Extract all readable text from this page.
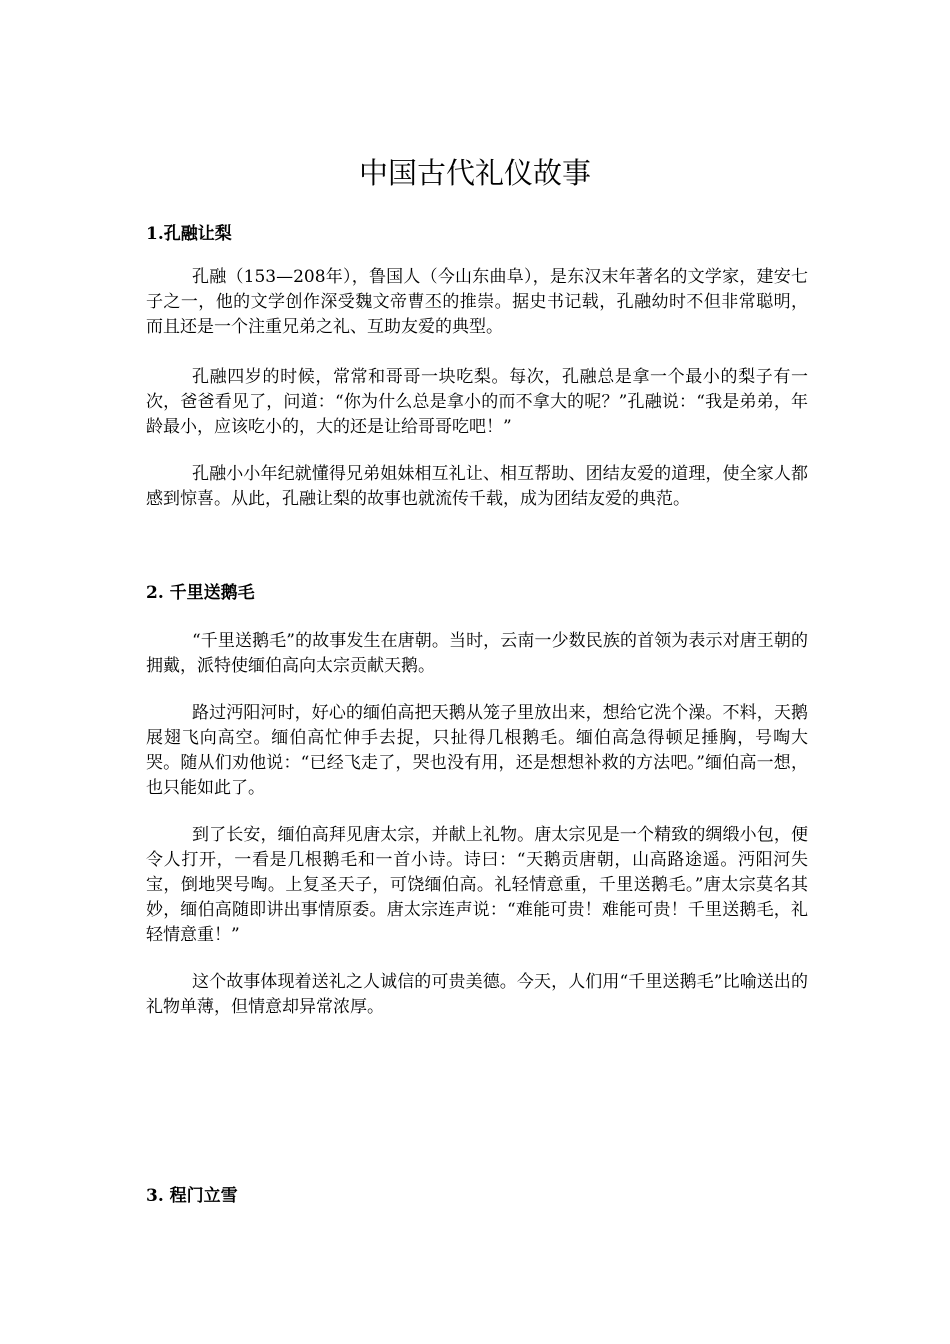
中国古代礼仪故事
1.孔融让梨

孔融（153—208年），鲁国人（今山东曲阜），是东汉末年著名的文学家，建安七子之一，他的文学创作深受魏文帝曹丕的推崇。据史书记载，孔融幼时不但非常聪明，而且还是一个注重兄弟之礼、互助友爱的典型。

孔融四岁的时候，常常和哥哥一块吃梨。每次，孔融总是拿一个最小的梨子有一次，爸爸看见了，问道：“你为什么总是拿小的而不拿大的呢？”孔融说：“我是弟弟，年龄最小，应该吃小的，大的还是让给哥哥吃吧！”

孔融小小年纪就懂得兄弟姐妹相互礼让、相互帮助、团结友爱的道理，使全家人都感到惊喜。从此，孔融让梨的故事也就流传千载，成为团结友爱的典范。

2. 千里送鹅毛

“千里送鹅毛”的故事发生在唐朝。当时，云南一少数民族的首领为表示对唐王朝的拥戴，派特使缅伯高向太宗贡献天鹅。

路过沔阳河时，好心的缅伯高把天鹅从笼子里放出来，想给它洗个澡。不料，天鹅展翅飞向高空。缅伯高忙伸手去捉，只扯得几根鹅毛。缅伯高急得顿足捶胸，号啕大哭。随从们劝他说：“已经飞走了，哭也没有用，还是想想补救的方法吧。”缅伯高一想，也只能如此了。

到了长安，缅伯高拜见唐太宗，并献上礼物。唐太宗见是一个精致的绸缎小包，便令人打开，一看是几根鹅毛和一首小诗。诗曰：“天鹅贡唐朝，山高路途遥。沔阳河失宝，倒地哭号啕。上复圣天子，可饶缅伯高。礼轻情意重，千里送鹅毛。”唐太宗莫名其妙，缅伯高随即讲出事情原委。唐太宗连声说：“难能可贵！难能可贵！千里送鹅毛，礼轻情意重！”

这个故事体现着送礼之人诚信的可贵美德。今天，人们用“千里送鹅毛”比喻送出的礼物单薄，但情意却异常浓厚。

3. 程门立雪
